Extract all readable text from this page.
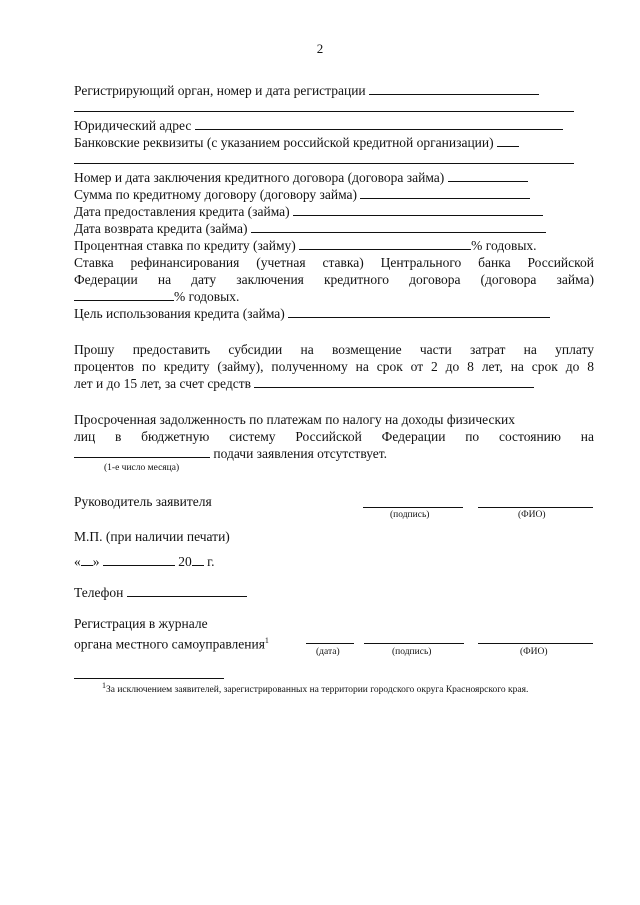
2
Регистрирующий орган, номер и дата регистрации
Юридический адрес
Банковские реквизиты (с указанием российской кредитной организации)
Номер и дата заключения кредитного договора (договора займа)
Сумма по кредитному договору (договору займа)
Дата предоставления кредита (займа)
Дата возврата кредита (займа)
Процентная ставка по кредиту (займу)	% годовых.
Ставка рефинансирования (учетная ставка) Центрального банка Российской
Федерации на дату заключения кредитного договора (договора займа)
% годовых.
Цель использования кредита (займа)
Прошу предоставить субсидии на возмещение части затрат на уплату
процентов по кредиту (займу), полученному на срок от 2 до 8 лет, на срок до 8
лет и до 15 лет, за счет средств
Просроченная задолженность по платежам по налогу на доходы физических
лиц в бюджетную систему Российской Федерации по состоянию на
подачи заявления отсутствует.
(1-е число месяца)
Руководитель заявителя
(подпись)	(ФИО)
М.П. (при наличии печати)
« »	20 г.
Телефон
Регистрация в журнале
органа местного самоуправления$^1$
(дата)	(подпись)	(ФИО)
$^1$За исключением заявителей, зарегистрированных на территории городского округа Красноярского края.
